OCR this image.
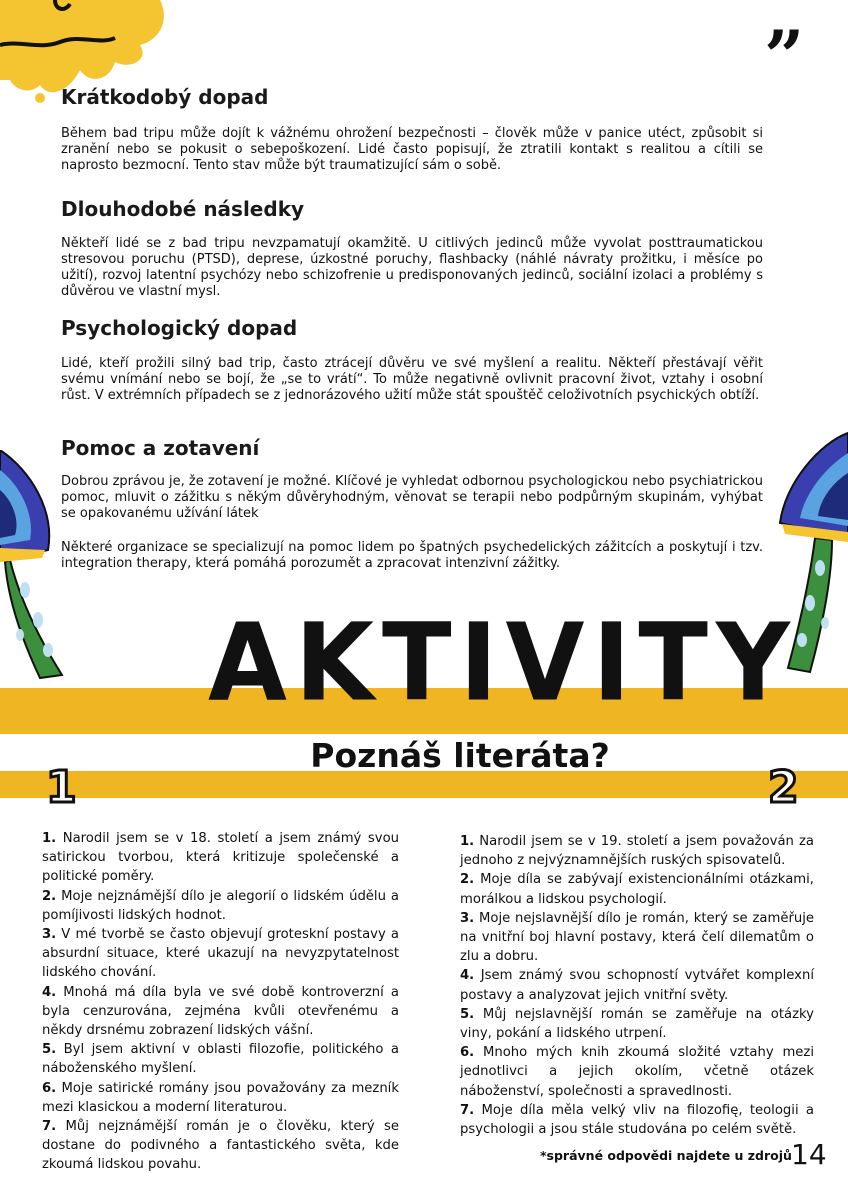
”
Krátkodobý dopad

Během bad tripu může dojít k vážnému ohrožení bezpečnosti – člověk může v panice utéct, způsobit si zranění nebo se pokusit o sebepoškození. Lidé často popisují, že ztratili kontakt s realitou a cítili se naprosto bezmocní. Tento stav může být traumatizující sám o sobě.

Dlouhodobé následky

Někteří lidé se z bad tripu nevzpamatují okamžitě. U citlivých jedinců může vyvolat posttraumatickou stresovou poruchu (PTSD), deprese, úzkostné poruchy, flashbacky (náhlé návraty prožitku, i měsíce po užití), rozvoj latentní psychózy nebo schizofrenie u predisponovaných jedinců, sociální izolaci a problémy s důvěrou ve vlastní mysl.

Psychologický dopad

Lidé, kteří prožili silný bad trip, často ztrácejí důvěru ve své myšlení a realitu. Někteří přestávají věřit svému vnímání nebo se bojí, že „se to vrátí“. To může negativně ovlivnit pracovní život, vztahy i osobní růst. V extrémních případech se z jednorázového užití může stát spouštěč celoživotních psychických obtíží.

Pomoc a zotavení

Dobrou zprávou je, že zotavení je možné. Klíčové je vyhledat odbornou psychologickou nebo psychiatrickou pomoc, mluvit o zážitku s někým důvěryhodným, věnovat se terapii nebo podpůrným skupinám, vyhýbat se opakovanému užívání látek

Některé organizace se specializují na pomoc lidem po špatných psychedelických zážitcích a poskytují i tzv. integration therapy, která pomáhá porozumět a zpracovat intenzivní zážitky.

AKTIVITY
Poznáš literáta?
1	2

1. Narodil jsem se v 18. století a jsem známý svou satirickou tvorbou, která kritizuje společenské a politické poměry.

2. Moje nejznámější dílo je alegorií o lidském údělu a pomíjivosti lidských hodnot.

3. V mé tvorbě se často objevují groteskní postavy a absurdní situace, které ukazují na nevyzpytatelnost lidského chování.

4. Mnohá má díla byla ve své době kontroverzní a byla cenzurována, zejména kvůli otevřenému a někdy drsnému zobrazení lidských vášní.

5. Byl jsem aktivní v oblasti filozofie, politického a náboženského myšlení.

6. Moje satirické romány jsou považovány za mezník mezi klasickou a moderní literaturou.

7. Můj nejznámější román je o člověku, který se dostane do podivného a fantastického světa, kde zkoumá lidskou povahu.

1. Narodil jsem se v 19. století a jsem považován za jednoho z nejvýznamnějších ruských spisovatelů.

2. Moje díla se zabývají existencionálními otázkami, morálkou a lidskou psychologií.

3. Moje nejslavnější dílo je román, který se zaměřuje na vnitřní boj hlavní postavy, která čelí dilematům o zlu a dobru.

4. Jsem známý svou schopností vytvářet komplexní postavy a analyzovat jejich vnitřní světy.

5. Můj nejslavnější román se zaměřuje na otázky viny, pokání a lidského utrpení.

6. Mnoho mých knih zkoumá složité vztahy mezi jednotlivci a jejich okolím, včetně otázek náboženství, společnosti a spravedlnosti.

7. Moje díla měla velký vliv na filozofię, teologii a psychologii a jsou stále studována po celém světě.

*správné odpovědi najdete u zdrojů 14
